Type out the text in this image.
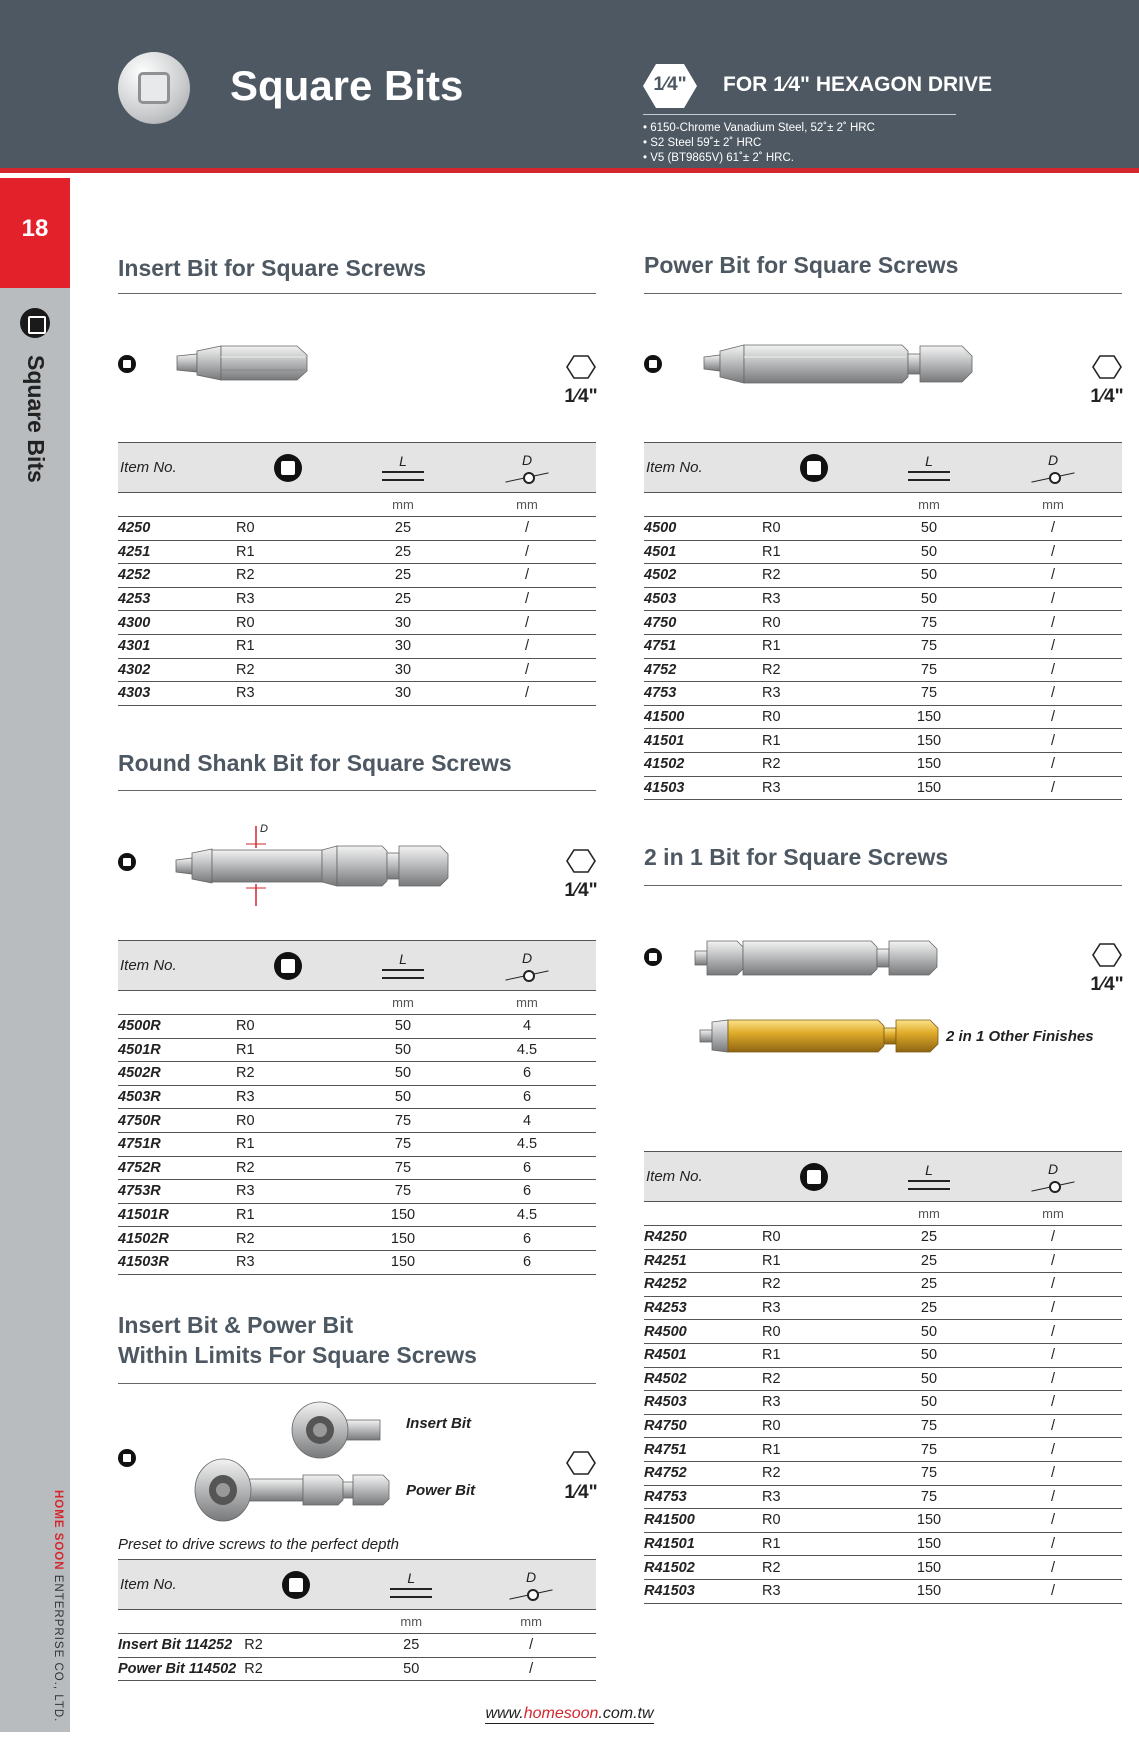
Square Bits	1⁄4"	FOR 1⁄4" HEXAGON DRIVE
• 6150-Chrome Vanadium Steel, 52˚± 2˚ HRC
• S2 Steel 59˚± 2˚ HRC
• V5 (BT9865V) 61˚± 2˚ HRC.
18
Square Bits
HOME SOON ENTERPRISE CO., LTD.
Insert Bit for Square Screws
1⁄4"
Item No.		L	D

		mm	mm
4250	R0	25	/
4251	R1	25	/
4252	R2	25	/
4253	R3	25	/
4300	R0	30	/
4301	R1	30	/
4302	R2	30	/
4303	R3	30	/
Round Shank Bit for Square Screws
D
1⁄4"
Item No.		L	D

		mm	mm
4500R	R0	50	4
4501R	R1	50	4.5
4502R	R2	50	6
4503R	R3	50	6
4750R	R0	75	4
4751R	R1	75	4.5
4752R	R2	75	6
4753R	R3	75	6
41501R	R1	150	4.5
41502R	R2	150	6
41503R	R3	150	6
Insert Bit & Power Bit
Within Limits For Square Screws
Insert Bit
Power Bit	1⁄4"
Preset to drive screws to the perfect depth
Item No.		L	D

		mm	mm
Insert Bit 114252	R2	25	/
Power Bit 114502	R2	50	/
Power Bit for Square Screws
1⁄4"
Item No.		L	D

		mm	mm
4500	R0	50	/
4501	R1	50	/
4502	R2	50	/
4503	R3	50	/
4750	R0	75	/
4751	R1	75	/
4752	R2	75	/
4753	R3	75	/
41500	R0	150	/
41501	R1	150	/
41502	R2	150	/
41503	R3	150	/
2 in 1 Bit for Square Screws
2 in 1 Other Finishes
1⁄4"
Item No.		L	D

		mm	mm
R4250	R0	25	/
R4251	R1	25	/
R4252	R2	25	/
R4253	R3	25	/
R4500	R0	50	/
R4501	R1	50	/
R4502	R2	50	/
R4503	R3	50	/
R4750	R0	75	/
R4751	R1	75	/
R4752	R2	75	/
R4753	R3	75	/
R41500	R0	150	/
R41501	R1	150	/
R41502	R2	150	/
R41503	R3	150	/
www.homesoon.com.tw
